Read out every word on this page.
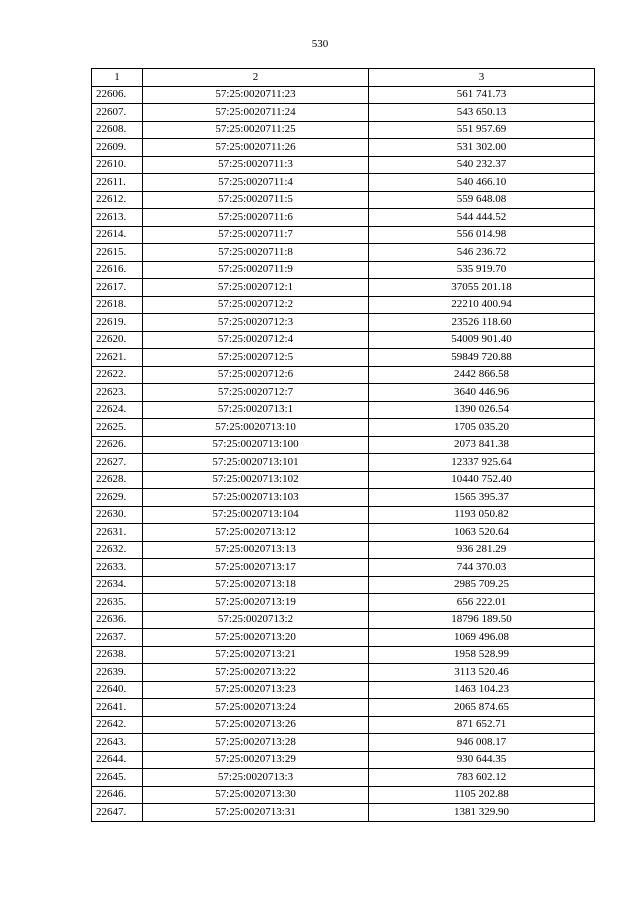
530
1	2	3
22606.	57:25:0020711:23	561 741.73
22607.	57:25:0020711:24	543 650.13
22608.	57:25:0020711:25	551 957.69
22609.	57:25:0020711:26	531 302.00
22610.	57:25:0020711:3	540 232.37
22611.	57:25:0020711:4	540 466.10
22612.	57:25:0020711:5	559 648.08
22613.	57:25:0020711:6	544 444.52
22614.	57:25:0020711:7	556 014.98
22615.	57:25:0020711:8	546 236.72
22616.	57:25:0020711:9	535 919.70
22617.	57:25:0020712:1	37055 201.18
22618.	57:25:0020712:2	22210 400.94
22619.	57:25:0020712:3	23526 118.60
22620.	57:25:0020712:4	54009 901.40
22621.	57:25:0020712:5	59849 720.88
22622.	57:25:0020712:6	2442 866.58
22623.	57:25:0020712:7	3640 446.96
22624.	57:25:0020713:1	1390 026.54
22625.	57:25:0020713:10	1705 035.20
22626.	57:25:0020713:100	2073 841.38
22627.	57:25:0020713:101	12337 925.64
22628.	57:25:0020713:102	10440 752.40
22629.	57:25:0020713:103	1565 395.37
22630.	57:25:0020713:104	1193 050.82
22631.	57:25:0020713:12	1063 520.64
22632.	57:25:0020713:13	936 281.29
22633.	57:25:0020713:17	744 370.03
22634.	57:25:0020713:18	2985 709.25
22635.	57:25:0020713:19	656 222.01
22636.	57:25:0020713:2	18796 189.50
22637.	57:25:0020713:20	1069 496.08
22638.	57:25:0020713:21	1958 528.99
22639.	57:25:0020713:22	3113 520.46
22640.	57:25:0020713:23	1463 104.23
22641.	57:25:0020713:24	2065 874.65
22642.	57:25:0020713:26	871 652.71
22643.	57:25:0020713:28	946 008.17
22644.	57:25:0020713:29	930 644.35
22645.	57:25:0020713:3	783 602.12
22646.	57:25:0020713:30	1105 202.88
22647.	57:25:0020713:31	1381 329.90
